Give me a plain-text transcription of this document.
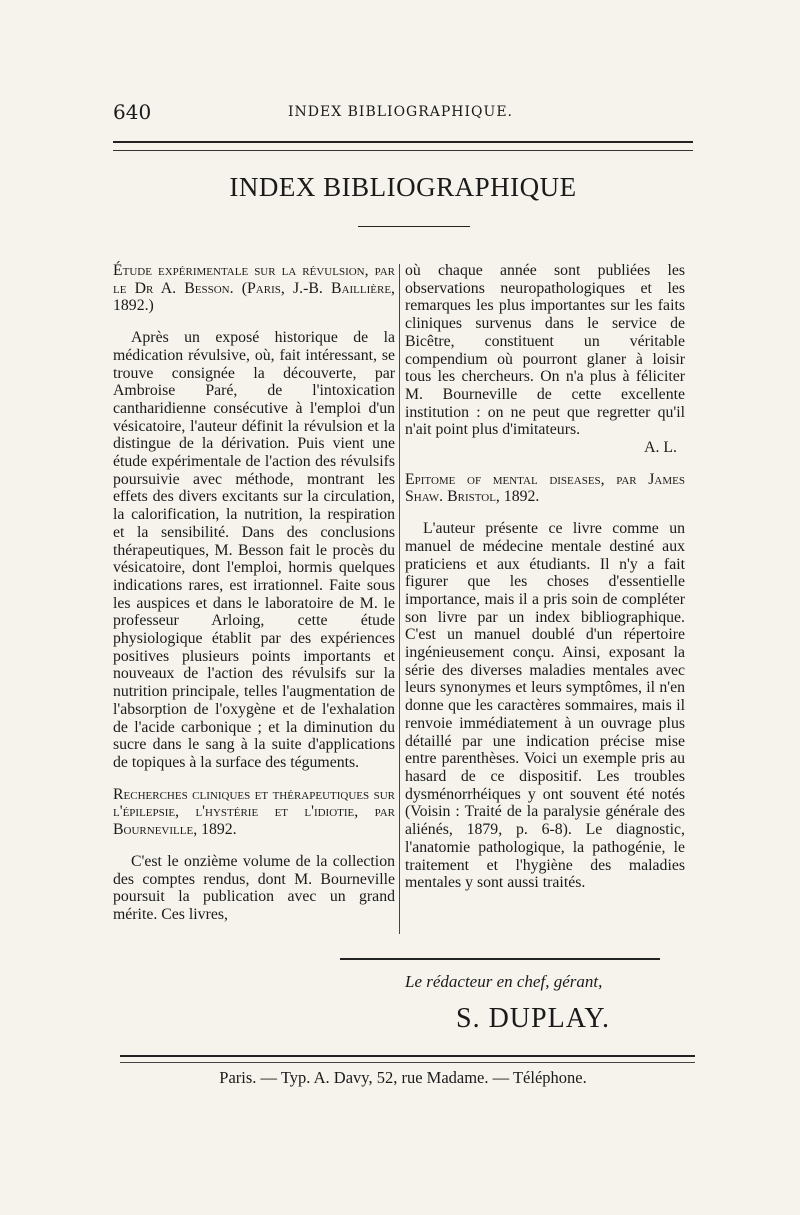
640	INDEX BIBLIOGRAPHIQUE.
INDEX BIBLIOGRAPHIQUE

Étude expérimentale sur la révulsion, par le Dr A. Besson. (Paris, J.-B. Baillière, 1892.)

Après un exposé historique de la médication révulsive, où, fait intéressant, se trouve consignée la découverte, par Ambroise Paré, de l'intoxication cantharidienne consécutive à l'emploi d'un vésicatoire, l'auteur définit la révulsion et la distingue de la dérivation. Puis vient une étude expérimentale de l'action des révulsifs poursuivie avec méthode, montrant les effets des divers excitants sur la circulation, la calorification, la nutrition, la respiration et la sensibilité. Dans des conclusions thérapeutiques, M. Besson fait le procès du vésicatoire, dont l'emploi, hormis quelques indications rares, est irrationnel. Faite sous les auspices et dans le laboratoire de M. le professeur Arloing, cette étude physiologique établit par des expériences positives plusieurs points importants et nouveaux de l'action des révulsifs sur la nutrition principale, telles l'augmentation de l'absorption de l'oxygène et de l'exhalation de l'acide carbonique ; et la diminution du sucre dans le sang à la suite d'applications de topiques à la surface des téguments.

Recherches cliniques et thérapeutiques sur l'épilepsie, l'hystérie et l'idiotie, par Bourneville, 1892.

C'est le onzième volume de la collection des comptes rendus, dont M. Bourneville poursuit la publication avec un grand mérite. Ces livres,

où chaque année sont publiées les observations neuropathologiques et les remarques les plus importantes sur les faits cliniques survenus dans le service de Bicêtre, constituent un véritable compendium où pourront glaner à loisir tous les chercheurs. On n'a plus à féliciter M. Bourneville de cette excellente institution : on ne peut que regretter qu'il n'ait point plus d'imitateurs.

A. L.

Epitome of mental diseases, par James Shaw. Bristol, 1892.

L'auteur présente ce livre comme un manuel de médecine mentale destiné aux praticiens et aux étudiants. Il n'y a fait figurer que les choses d'essentielle importance, mais il a pris soin de compléter son livre par un index bibliographique. C'est un manuel doublé d'un répertoire ingénieusement conçu. Ainsi, exposant la série des diverses maladies mentales avec leurs synonymes et leurs symptômes, il n'en donne que les caractères sommaires, mais il renvoie immédiatement à un ouvrage plus détaillé par une indication précise mise entre parenthèses. Voici un exemple pris au hasard de ce dispositif. Les troubles dysménorrhéiques y ont souvent été notés (Voisin : Traité de la paralysie générale des aliénés, 1879, p. 6-8). Le diagnostic, l'anatomie pathologique, la pathogénie, le traitement et l'hygiène des maladies mentales y sont aussi traités.

Le rédacteur en chef, gérant,
S. DUPLAY.
Paris. — Typ. A. Davy, 52, rue Madame. — Téléphone.
